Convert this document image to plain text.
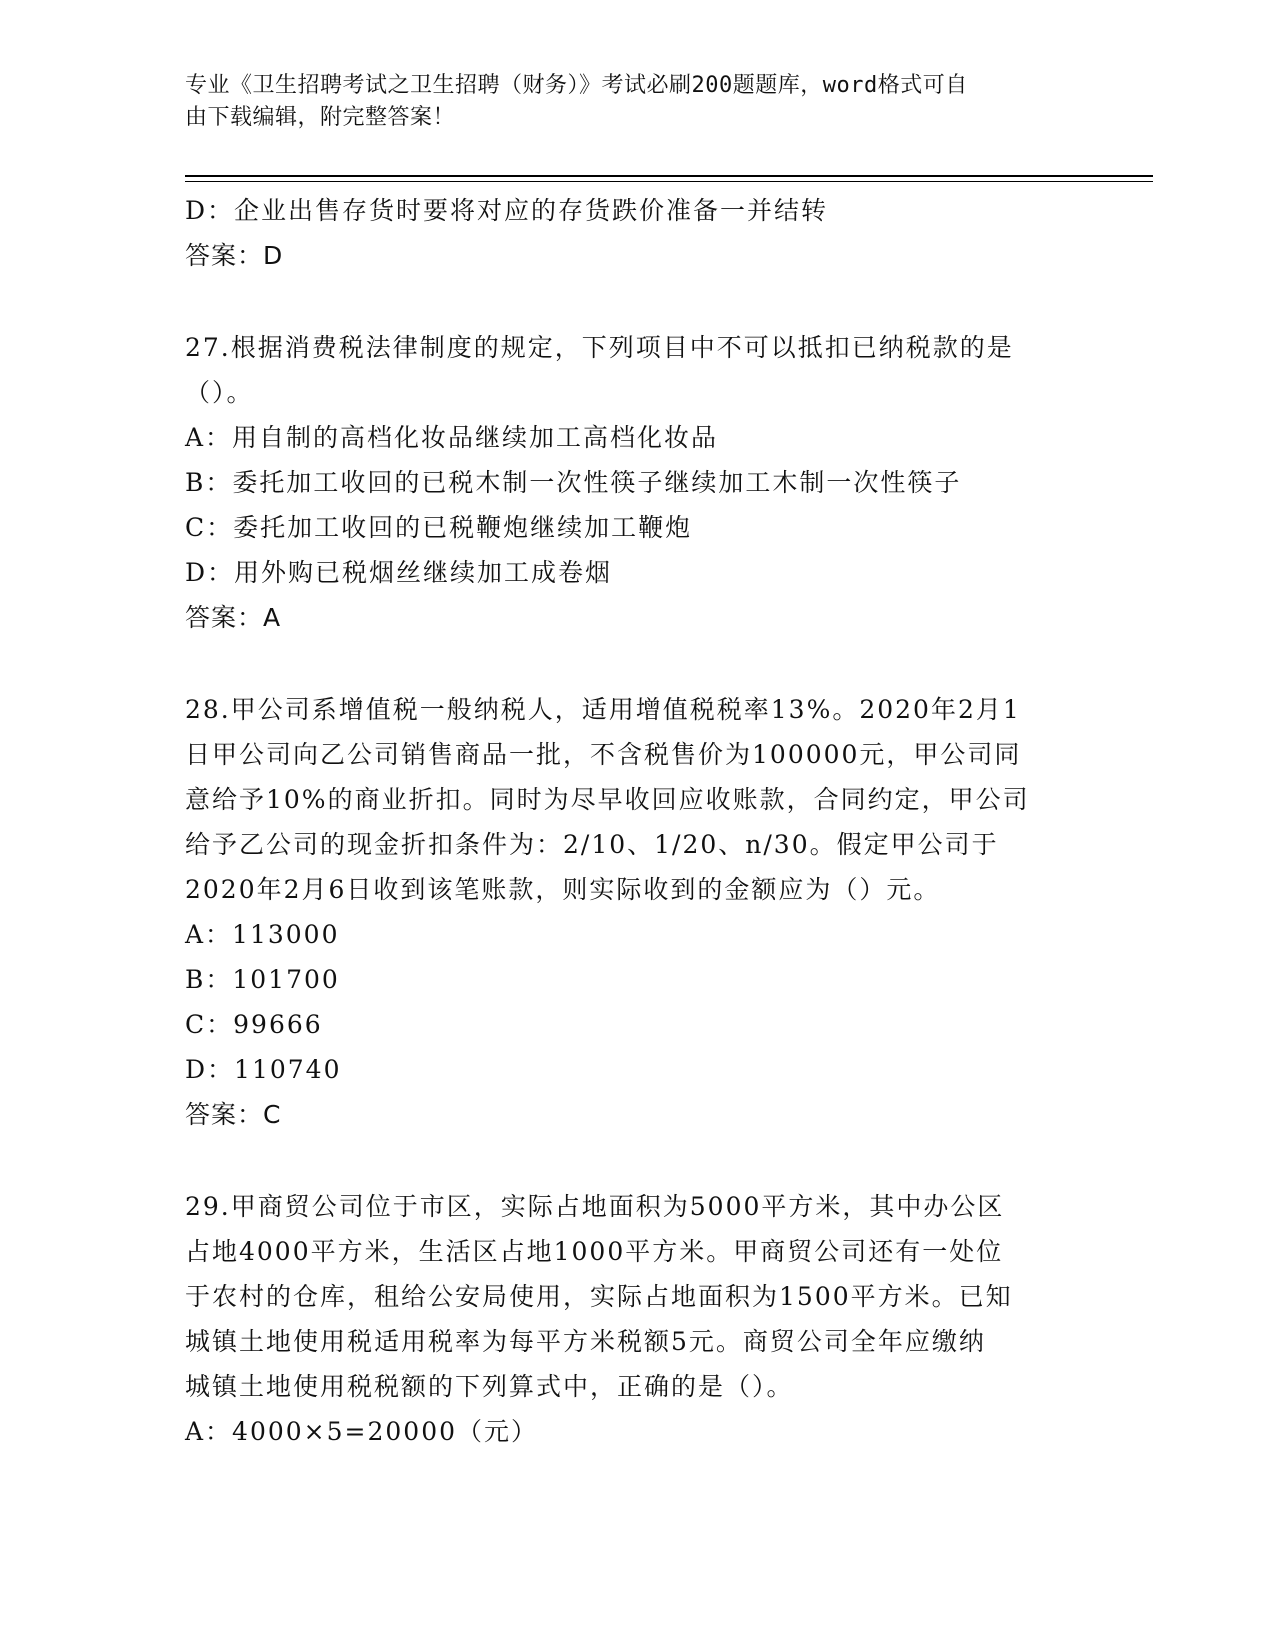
专业《卫生招聘考试之卫生招聘（财务）》考试必刷200题题库，word格式可自
由下载编辑，附完整答案！
D：企业出售存货时要将对应的存货跌价准备一并结转
答案：D
27.根据消费税法律制度的规定，下列项目中不可以抵扣已纳税款的是
（）。
A：用自制的高档化妆品继续加工高档化妆品
B：委托加工收回的已税木制一次性筷子继续加工木制一次性筷子
C：委托加工收回的已税鞭炮继续加工鞭炮
D：用外购已税烟丝继续加工成卷烟
答案：A
28.甲公司系增值税一般纳税人，适用增值税税率13%。2020年2月1
日甲公司向乙公司销售商品一批，不含税售价为100000元，甲公司同
意给予10%的商业折扣。同时为尽早收回应收账款，合同约定，甲公司
给予乙公司的现金折扣条件为：2/10、1/20、n/30。假定甲公司于
2020年2月6日收到该笔账款，则实际收到的金额应为（）元。
A：113000
B：101700
C：99666
D：110740
答案：C
29.甲商贸公司位于市区，实际占地面积为5000平方米，其中办公区
占地4000平方米，生活区占地1000平方米。甲商贸公司还有一处位
于农村的仓库，租给公安局使用，实际占地面积为1500平方米。已知
城镇土地使用税适用税率为每平方米税额5元。商贸公司全年应缴纳
城镇土地使用税税额的下列算式中，正确的是（）。
A：4000×5=20000（元）
